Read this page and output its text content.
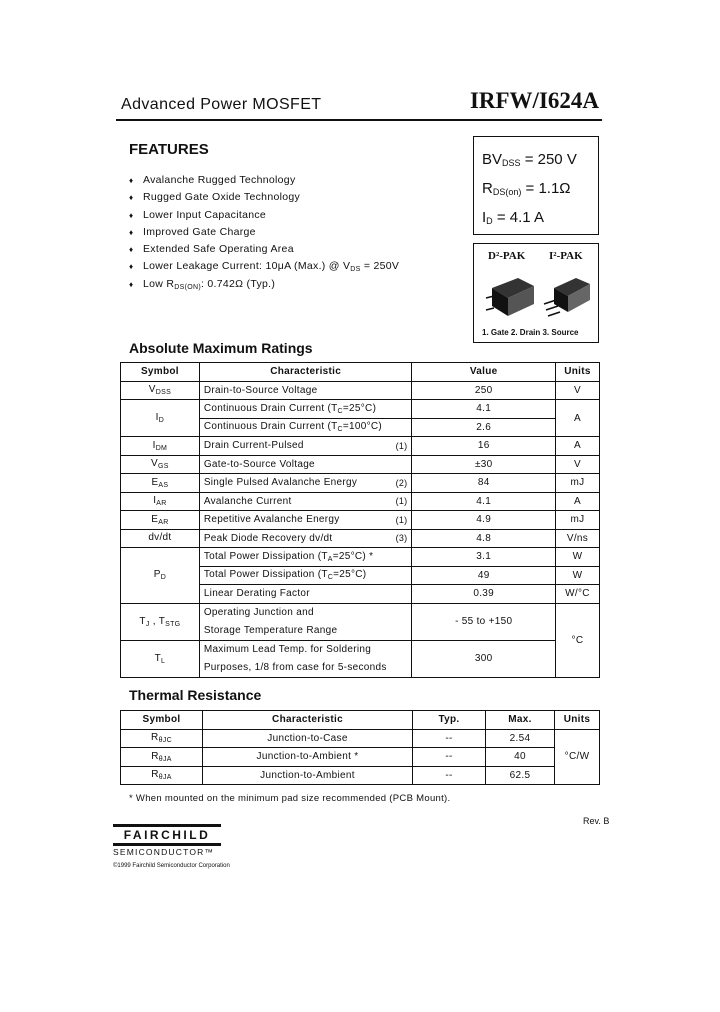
Advanced Power MOSFET	IRFW/I624A
FEATURES
♦ Avalanche Rugged Technology
♦ Rugged Gate Oxide Technology
♦ Lower Input Capacitance
♦ Improved Gate Charge
♦ Extended Safe Operating Area
♦ Lower Leakage Current: 10μA (Max.) @ $V_{DS} = 250V$
♦ Low $R_{DS(ON)}$: 0.742Ω (Typ.)
$BV_{DSS} = 250$ V
$R_{DS(on)} = 1.1\Omega$
$I_D = 4.1$ A
D²-PAK I²-PAK
1. Gate 2. Drain 3. Source
Absolute Maximum Ratings
Symbol	Characteristic		Value	Units
$V_{DSS}$	Drain-to-Source Voltage		250	V
$I_D$	Continuous Drain Current $(T_C=25^\circ C)$		4.1	A
	Continuous Drain Current $(T_C=100^\circ C)$		2.6	
$I_{DM}$	Drain Current-Pulsed	(1)	16	A
$V_{GS}$	Gate-to-Source Voltage		±30	V
$E_{AS}$	Single Pulsed Avalanche Energy	(2)	84	mJ
$I_{AR}$	Avalanche Current	(1)	4.1	A
$E_{AR}$	Repetitive Avalanche Energy	(1)	4.9	mJ
dv/dt	Peak Diode Recovery dv/dt	(3)	4.8	V/ns
$P_D$	Total Power Dissipation $(T_A=25^\circ C)$ *		3.1	W
	Total Power Dissipation $(T_C=25^\circ C)$		49	W
	Linear Derating Factor		0.39	W/°C
$T_J$ , $T_{STG}$	Operating Junction and
Storage Temperature Range		- 55 to +150	°C
$T_L$	Maximum Lead Temp. for Soldering
Purposes, 1/8 from case for 5-seconds		300	
Thermal Resistance
Symbol	Characteristic	Typ.	Max.	Units
$R_{\theta JC}$	Junction-to-Case	--	2.54	°C/W
$R_{\theta JA}$	Junction-to-Ambient *	--	40	
$R_{\theta JA}$	Junction-to-Ambient	--	62.5	
* When mounted on the minimum pad size recommended (PCB Mount).
Rev. B
FAIRCHILD
SEMICONDUCTOR™
©1999 Fairchild Semiconductor Corporation
